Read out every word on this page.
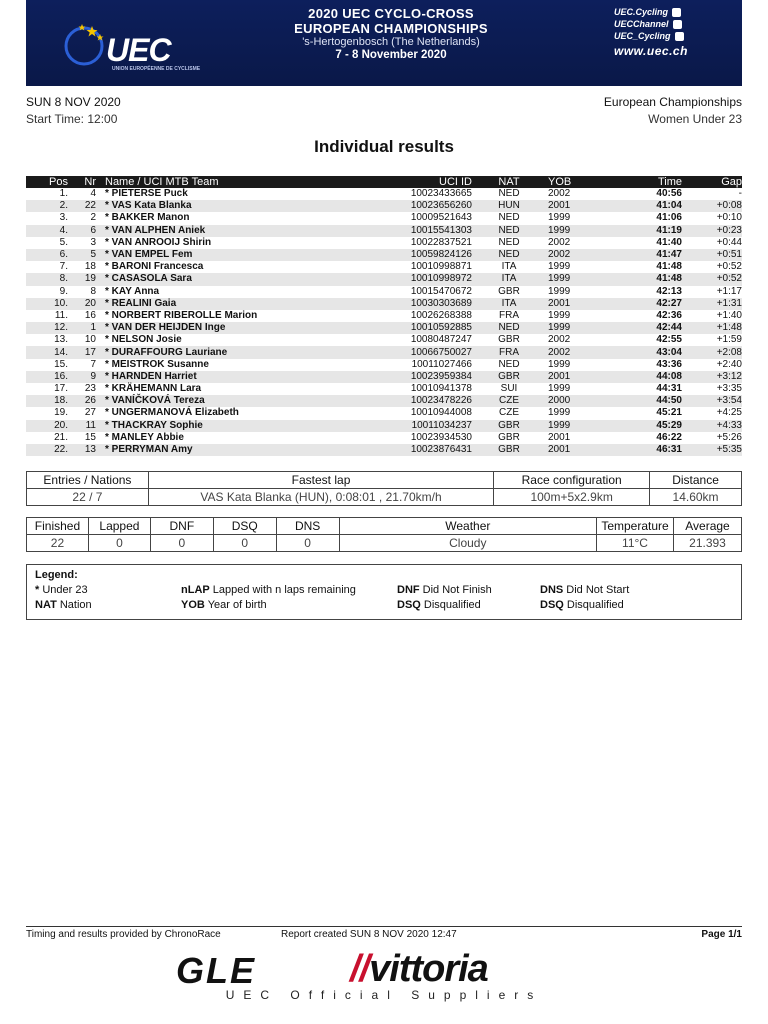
UEC
UNION EUROPÉENNE DE CYCLISME
2020 UEC CYCLO-CROSS
EUROPEAN CHAMPIONSHIPS
's-Hertogenbosch (The Netherlands)
7 - 8 November 2020
UEC.Cycling
UECChannel
UEC_Cycling
www.uec.ch
SUN 8 NOV 2020
Start Time: 12:00
European Championships
Women Under 23
Individual results
Pos	Nr	Name / UCI MTB Team	UCI ID	NAT	YOB	Time	Gap
1.	4	* PIETERSE Puck	10023433665	NED	2002	40:56	-
2.	22	* VAS Kata Blanka	10023656260	HUN	2001	41:04	+0:08
3.	2	* BAKKER Manon	10009521643	NED	1999	41:06	+0:10
4.	6	* VAN ALPHEN Aniek	10015541303	NED	1999	41:19	+0:23
5.	3	* VAN ANROOIJ Shirin	10022837521	NED	2002	41:40	+0:44
6.	5	* VAN EMPEL Fem	10059824126	NED	2002	41:47	+0:51
7.	18	* BARONI Francesca	10010998871	ITA	1999	41:48	+0:52
8.	19	* CASASOLA Sara	10010998972	ITA	1999	41:48	+0:52
9.	8	* KAY Anna	10015470672	GBR	1999	42:13	+1:17
10.	20	* REALINI Gaia	10030303689	ITA	2001	42:27	+1:31
11.	16	* NORBERT RIBEROLLE Marion	10026268388	FRA	1999	42:36	+1:40
12.	1	* VAN DER HEIJDEN Inge	10010592885	NED	1999	42:44	+1:48
13.	10	* NELSON Josie	10080487247	GBR	2002	42:55	+1:59
14.	17	* DURAFFOURG Lauriane	10066750027	FRA	2002	43:04	+2:08
15.	7	* MEISTROK Susanne	10011027466	NED	1999	43:36	+2:40
16.	9	* HARNDEN Harriet	10023959384	GBR	2001	44:08	+3:12
17.	23	* KRÄHEMANN Lara	10010941378	SUI	1999	44:31	+3:35
18.	26	* VANÍČKOVÁ Tereza	10023478226	CZE	2000	44:50	+3:54
19.	27	* UNGERMANOVÁ Elizabeth	10010944008	CZE	1999	45:21	+4:25
20.	11	* THACKRAY Sophie	10011034237	GBR	1999	45:29	+4:33
21.	15	* MANLEY Abbie	10023934530	GBR	2001	46:22	+5:26
22.	13	* PERRYMAN Amy	10023876431	GBR	2001	46:31	+5:35
Entries / Nations	Fastest lap	Race configuration	Distance
22 / 7	VAS Kata Blanka (HUN), 0:08:01 , 21.70km/h	100m+5x2.9km	14.60km
Finished	Lapped	DNF	DSQ	DNS	Weather	Temperature	Average
22	0	0	0	0	Cloudy	11°C	21.393
Legend:
* Under 23	nLAP Lapped with n laps remaining	DNF Did Not Finish	DNS Did Not Start
NAT Nation	YOB Year of birth	DSQ Disqualified	DSQ Disqualified
Timing and results provided by ChronoRace	Report created SUN 8 NOV 2020 12:47	Page 1/1
GLE //vittoria
UEC Official Suppliers
